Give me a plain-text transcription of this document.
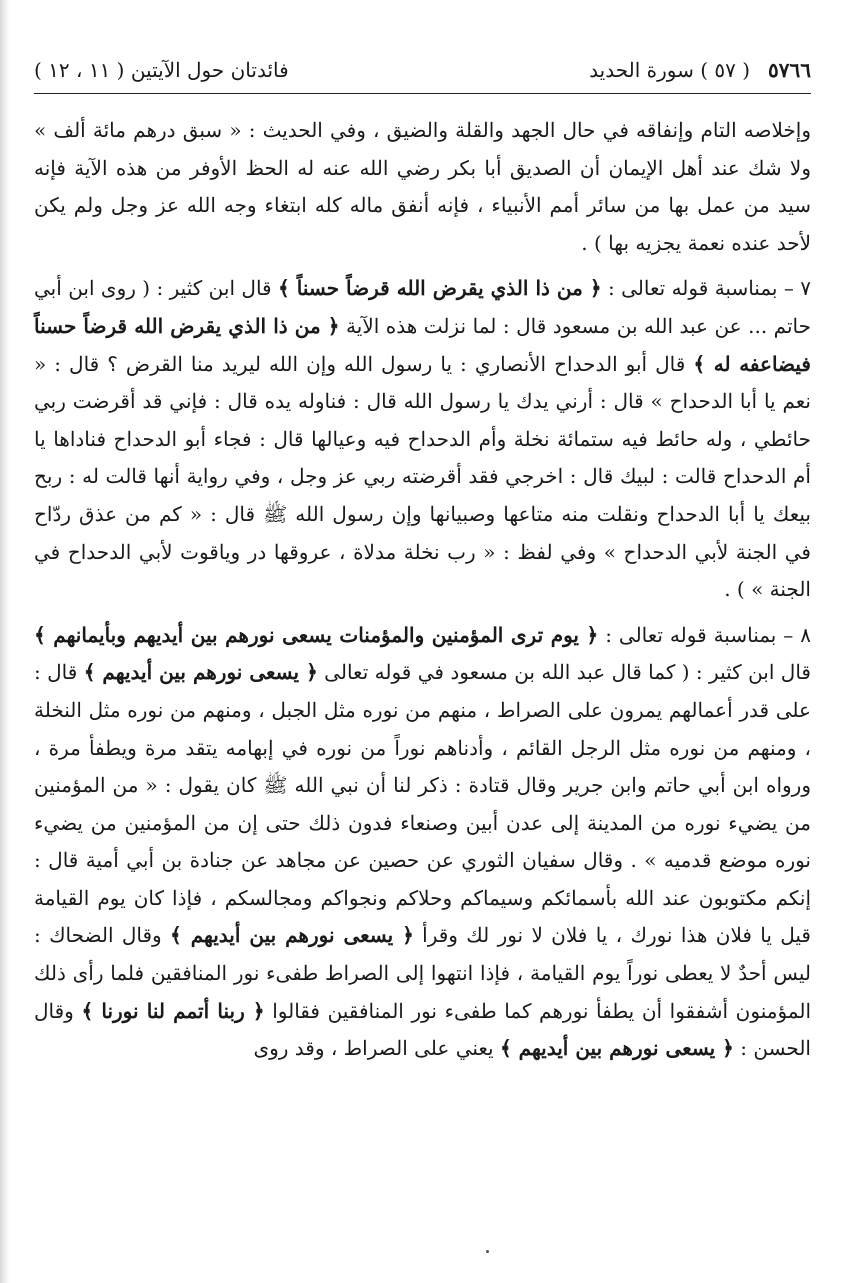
٥٧٦٦( ٥٧ ) سورة الحديد
فائدتان حول الآيتين ( ١١ ، ١٢ )

وإخلاصه التام وإنفاقه في حال الجهد والقلة والضيق ، وفي الحديث : « سبق درهم مائة ألف » ولا شك عند أهل الإيمان أن الصديق أبا بكر رضي الله عنه له الحظ الأوفر من هذه الآية فإنه سيد من عمل بها من سائر أمم الأنبياء ، فإنه أنفق ماله كله ابتغاء وجه الله عز وجل ولم يكن لأحد عنده نعمة يجزيه بها ) .

٧ – بمناسبة قوله تعالى : ﴿ من ذا الذي يقرض الله قرضاً حسناً ﴾ قال ابن كثير : ( روى ابن أبي حاتم ... عن عبد الله بن مسعود قال : لما نزلت هذه الآية ﴿ من ذا الذي يقرض الله قرضاً حسناً فيضاعفه له ﴾ قال أبو الدحداح الأنصاري : يا رسول الله وإن الله ليريد منا القرض ؟ قال : « نعم يا أبا الدحداح » قال : أرني يدك يا رسول الله قال : فناوله يده قال : فإني قد أقرضت ربي حائطي ، وله حائط فيه ستمائة نخلة وأم الدحداح فيه وعيالها قال : فجاء أبو الدحداح فناداها يا أم الدحداح قالت : لبيك قال : اخرجي فقد أقرضته ربي عز وجل ، وفي رواية أنها قالت له : ربح بيعك يا أبا الدحداح ونقلت منه متاعها وصبيانها وإن رسول الله ﷺ قال : « كم من عذق ردّاح في الجنة لأبي الدحداح » وفي لفظ : « رب نخلة مدلاة ، عروقها در وياقوت لأبي الدحداح في الجنة » ) .

٨ – بمناسبة قوله تعالى : ﴿ يوم ترى المؤمنين والمؤمنات يسعى نورهم بين أيديهم وبأيمانهم ﴾ قال ابن كثير : ( كما قال عبد الله بن مسعود في قوله تعالى ﴿ يسعى نورهم بين أيديهم ﴾ قال : على قدر أعمالهم يمرون على الصراط ، منهم من نوره مثل الجبل ، ومنهم من نوره مثل النخلة ، ومنهم من نوره مثل الرجل القائم ، وأدناهم نوراً من نوره في إبهامه يتقد مرة ويطفأ مرة ، ورواه ابن أبي حاتم وابن جرير وقال قتادة : ذكر لنا أن نبي الله ﷺ كان يقول : « من المؤمنين من يضيء نوره من المدينة إلى عدن أبين وصنعاء فدون ذلك حتى إن من المؤمنين من يضيء نوره موضع قدميه » . وقال سفيان الثوري عن حصين عن مجاهد عن جنادة بن أبي أمية قال : إنكم مكتوبون عند الله بأسمائكم وسيماكم وحلاكم ونجواكم ومجالسكم ، فإذا كان يوم القيامة قيل يا فلان هذا نورك ، يا فلان لا نور لك وقرأ ﴿ يسعى نورهم بين أيديهم ﴾ وقال الضحاك : ليس أحدٌ لا يعطى نوراً يوم القيامة ، فإذا انتهوا إلى الصراط طفىء نور المنافقين فلما رأى ذلك المؤمنون أشفقوا أن يطفأ نورهم كما طفىء نور المنافقين فقالوا ﴿ ربنا أتمم لنا نورنا ﴾ وقال الحسن : ﴿ يسعى نورهم بين أيديهم ﴾ يعني على الصراط ، وقد روى
